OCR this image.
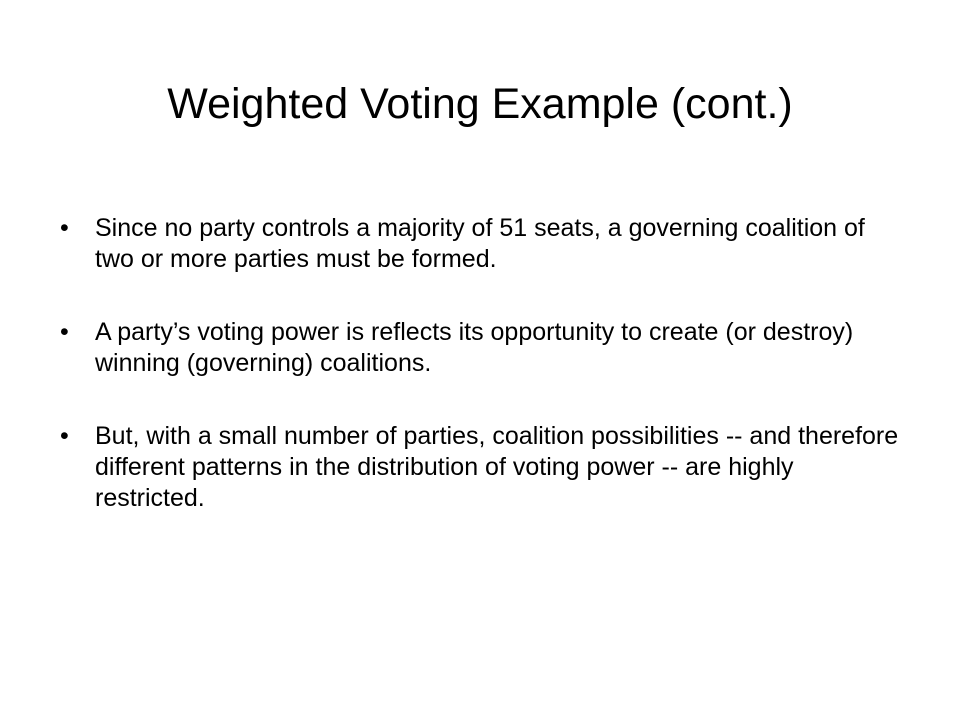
Weighted Voting Example (cont.)
• Since no party controls a majority of 51 seats, a governing coalition of two or more parties must be formed.
• A party’s voting power is reflects its opportunity to create (or destroy) winning (governing) coalitions.
• But, with a small number of parties, coalition possibilities -- and therefore different patterns in the distribution of voting power -- are highly restricted.
